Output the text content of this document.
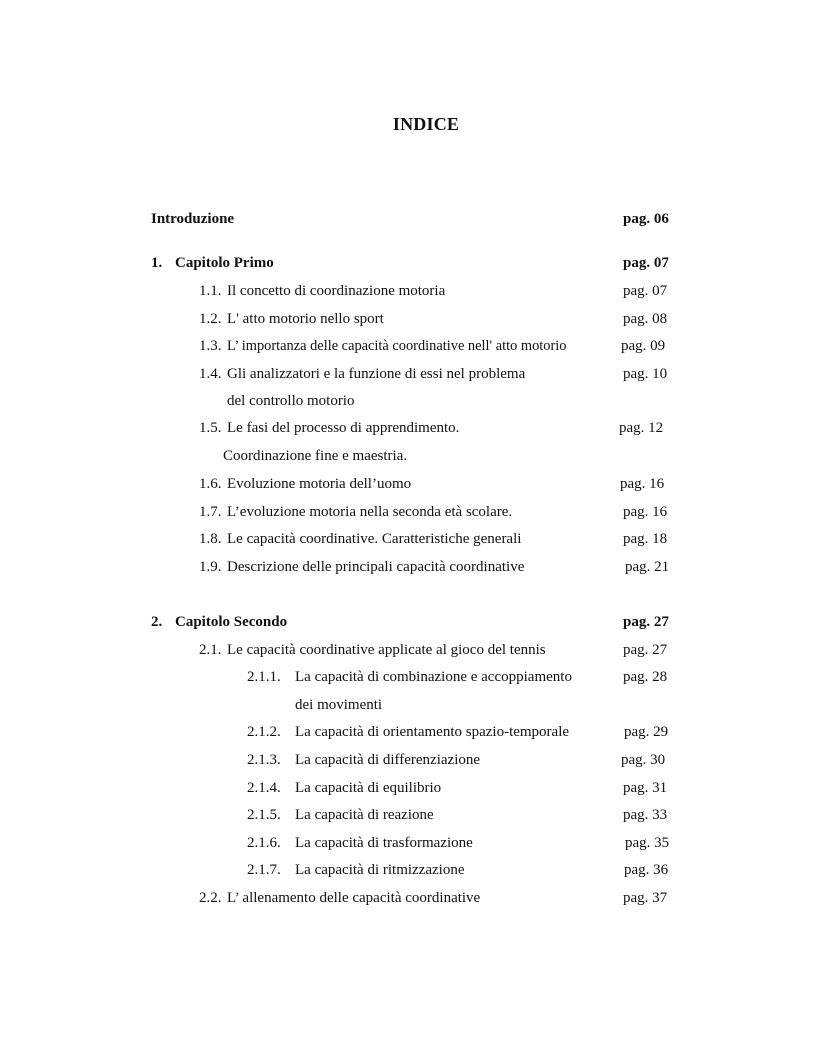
INDICE
Introduzione	pag. 06
1. Capitolo Primo	pag. 07
1.1. Il concetto di coordinazione motoria	pag. 07
1.2. L' atto motorio nello sport	pag. 08
1.3. L’ importanza delle capacità coordinative nell' atto motorio	pag. 09
1.4. Gli analizzatori e la funzione di essi nel problema	pag. 10
del controllo motorio
1.5. Le fasi del processo di apprendimento.	pag. 12
Coordinazione fine e maestria.
1.6. Evoluzione motoria dell’uomo	pag. 16
1.7. L’evoluzione motoria nella seconda età scolare.	pag. 16
1.8. Le capacità coordinative. Caratteristiche generali	pag. 18
1.9. Descrizione delle principali capacità coordinative	pag. 21
2. Capitolo Secondo	pag. 27
2.1. Le capacità coordinative applicate al gioco del tennis	pag. 27
2.1.1. La capacità di combinazione e accoppiamento	pag. 28
dei movimenti
2.1.2. La capacità di orientamento spazio-temporale	pag. 29
2.1.3. La capacità di differenziazione	pag. 30
2.1.4. La capacità di equilibrio	pag. 31
2.1.5. La capacità di reazione	pag. 33
2.1.6. La capacità di trasformazione	pag. 35
2.1.7. La capacità di ritmizzazione	pag. 36
2.2. L’ allenamento delle capacità coordinative	pag. 37
